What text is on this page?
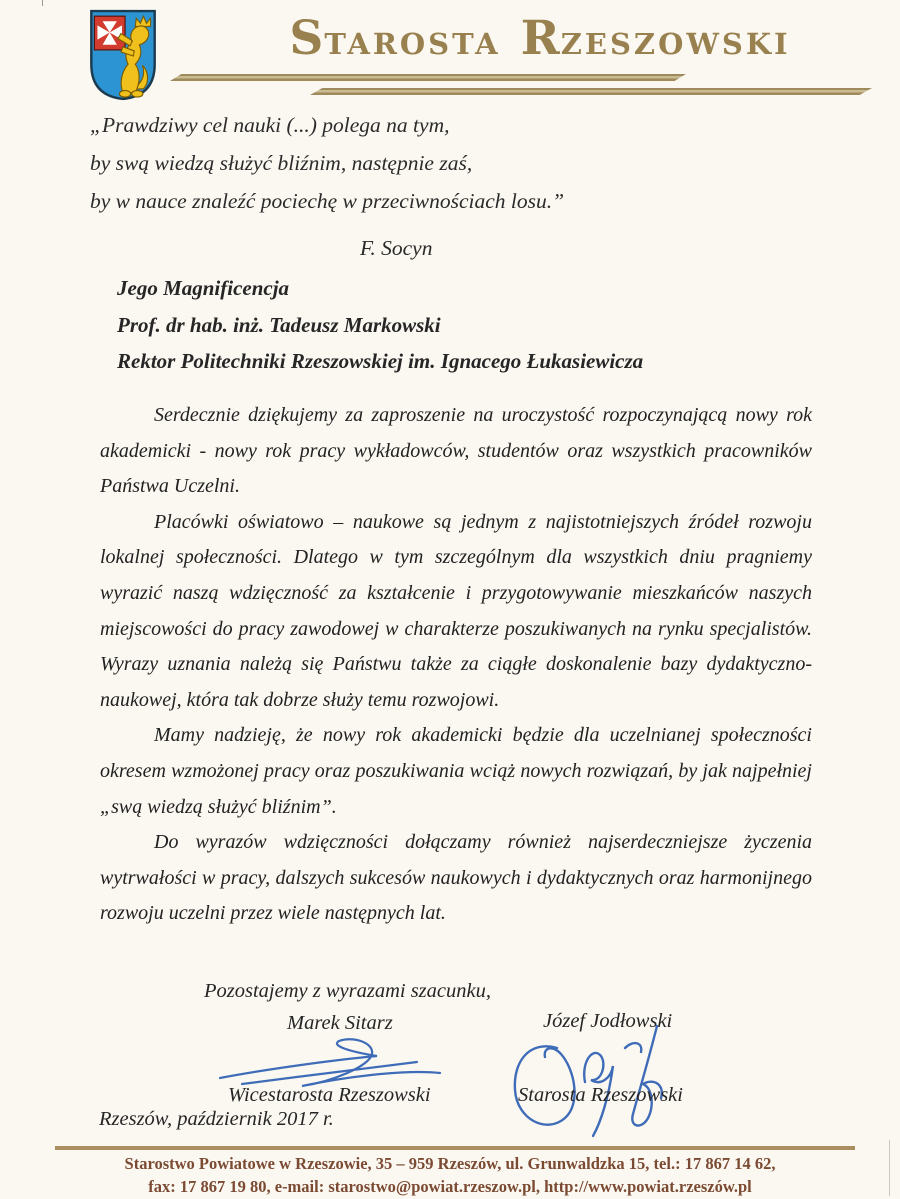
STAROSTA RZESZOWSKI

„Prawdziwy cel nauki (...) polega na tym,

by swą wiedzą służyć bliźnim, następnie zaś,

by w nauce znaleźć pociechę w przeciwnościach losu.”

F. Socyn

Jego Magnificencja

Prof. dr hab. inż. Tadeusz Markowski

Rektor Politechniki Rzeszowskiej im. Ignacego Łukasiewicza

Serdecznie dziękujemy za zaproszenie na uroczystość rozpoczynającą nowy rok akademicki - nowy rok pracy wykładowców, studentów oraz wszystkich pracowników Państwa Uczelni.

Placówki oświatowo – naukowe są jednym z najistotniejszych źródeł rozwoju lokalnej społeczności. Dlatego w tym szczególnym dla wszystkich dniu pragniemy wyrazić naszą wdzięczność za kształcenie i przygotowywanie mieszkańców naszych miejscowości do pracy zawodowej w charakterze poszukiwanych na rynku specjalistów. Wyrazy uznania należą się Państwu także za ciągłe doskonalenie bazy dydaktyczno-naukowej, która tak dobrze służy temu rozwojowi.

Mamy nadzieję, że nowy rok akademicki będzie dla uczelnianej społeczności okresem wzmożonej pracy oraz poszukiwania wciąż nowych rozwiązań, by jak najpełniej „swą wiedzą służyć bliźnim”.

Do wyrazów wdzięczności dołączamy również najserdeczniejsze życzenia wytrwałości w pracy, dalszych sukcesów naukowych i dydaktycznych oraz harmonijnego rozwoju uczelni przez wiele następnych lat.

Pozostajemy z wyrazami szacunku,
Marek Sitarz	Józef Jodłowski
Wicestarosta Rzeszowski	Starosta Rzeszowski
Rzeszów, październik 2017 r.
Starostwo Powiatowe w Rzeszowie, 35 – 959 Rzeszów, ul. Grunwaldzka 15, tel.: 17 867 14 62,
fax: 17 867 19 80, e-mail: starostwo@powiat.rzeszow.pl, http://www.powiat.rzeszów.pl
